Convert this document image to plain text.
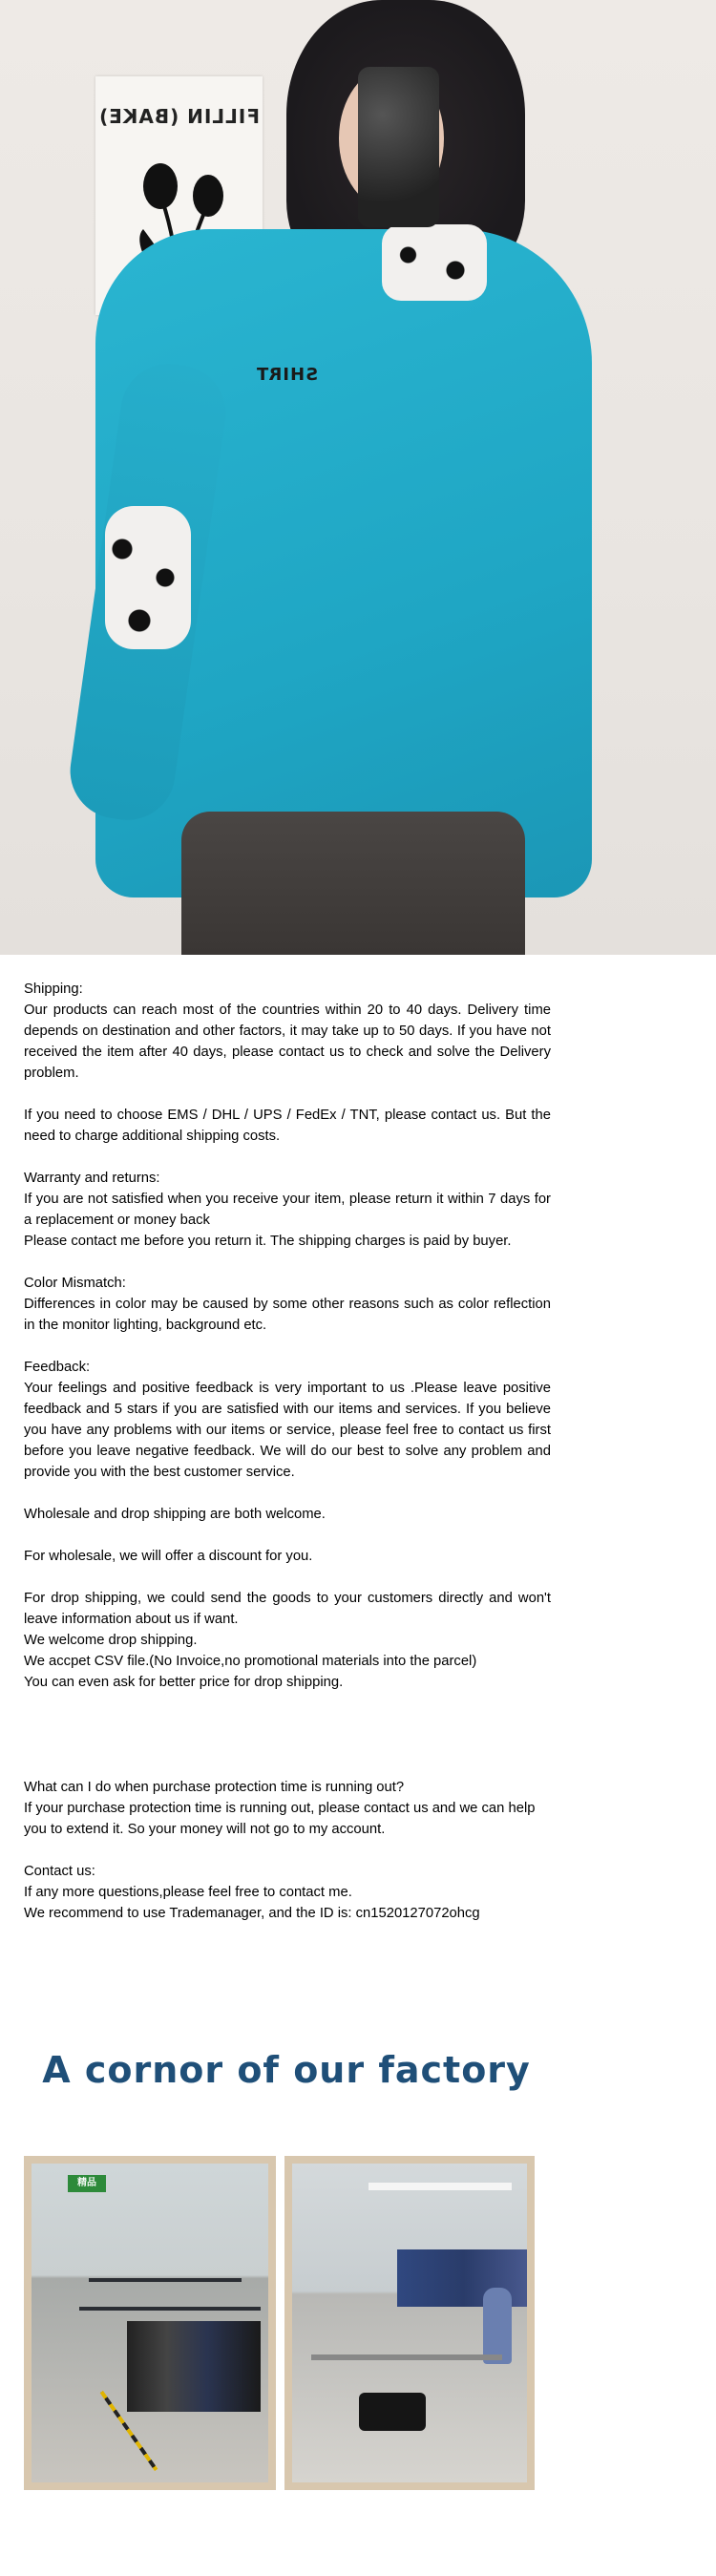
FILLIN (BAKE)
SHIRT

Shipping:

Our products can reach most of the countries within 20 to 40 days. Delivery time depends on destination and other factors, it may take up to 50 days. If you have not received the item after 40 days, please contact us to check and solve the Delivery problem.

If you need to choose EMS / DHL / UPS / FedEx / TNT, please contact us. But the need to charge additional shipping costs.

Warranty and returns:

If you are not satisfied when you receive your item, please return it within 7 days for a replacement or money back

Please contact me before you return it. The shipping charges is paid by buyer.

Color Mismatch:

Differences in color may be caused by some other reasons such as color reflection in the monitor lighting, background etc.

Feedback:

Your feelings and positive feedback is very important to us .Please leave positive feedback and 5 stars if you are satisfied with our items and services. If you believe you have any problems with our items or service, please feel free to contact us first before you leave negative feedback. We will do our best to solve any problem and provide you with the best customer service.

Wholesale and drop shipping are both welcome.

For wholesale, we will offer a discount for you.

For drop shipping, we could send the goods to your customers directly and won't leave information about us if want.

We welcome drop shipping.

We accpet CSV file.(No Invoice,no promotional materials into the parcel)

You can even ask for better price for drop shipping.

What can I do when purchase protection time is running out?

If your purchase protection time is running out, please contact us and we can help you to extend it. So your money will not go to my account.

Contact us:

If any more questions,please feel free to contact me.

We recommend to use Trademanager, and the ID is: cn1520127072ohcg

A cornor of our factory
精品
